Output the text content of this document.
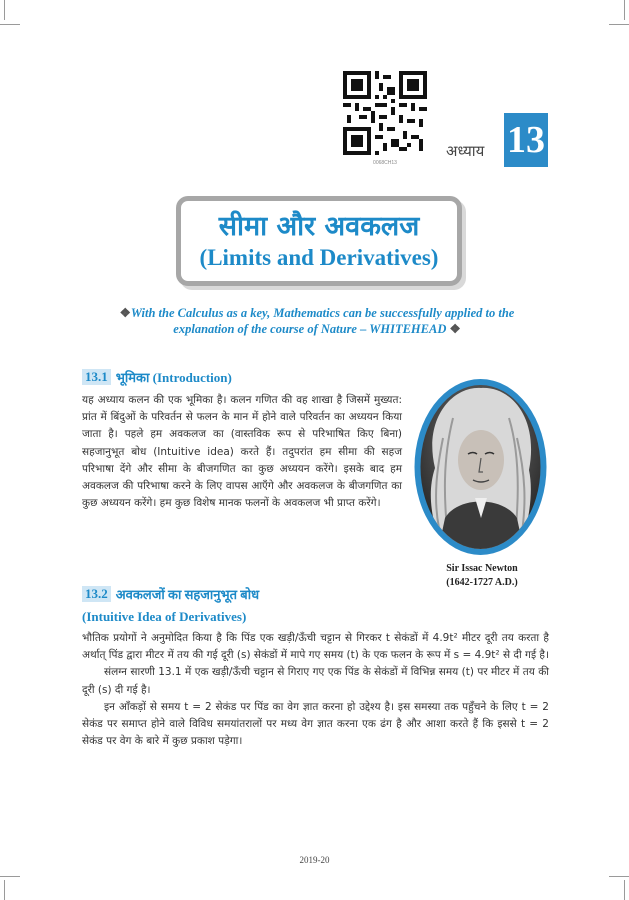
0068CH13
अध्याय 13
सीमा और अवकलज
(Limits and Derivatives)
❖With the Calculus as a key, Mathematics can be successfully applied to the
explanation of the course of Nature – WHITEHEAD ❖
13.1 भूमिका (Introduction)

यह अध्याय कलन की एक भूमिका है। कलन गणित की वह शाखा है जिसमें मुख्यत: प्रांत में बिंदुओं के परिवर्तन से फलन के मान में होने वाले परिवर्तन का अध्ययन किया जाता है। पहले हम अवकलज का (वास्तविक रूप से परिभाषित किए बिना) सहजानुभूत बोध (Intuitive idea) करते हैं। तदुपरांत हम सीमा की सहज परिभाषा देंगे और सीमा के बीजगणित का कुछ अध्ययन करेंगे। इसके बाद हम अवकलज की परिभाषा करने के लिए वापस आएँगे और अवकलज के बीजगणित का कुछ अध्ययन करेंगे। हम कुछ विशेष मानक फलनों के अवकलज भी प्राप्त करेंगे।

Sir Issac Newton
(1642-1727 A.D.)
13.2 अवकलजों का सहजानुभूत बोध
(Intuitive Idea of Derivatives)

भौतिक प्रयोगों ने अनुमोदित किया है कि पिंड एक खड़ी/ऊँची चट्टान से गिरकर t सेकंडों में 4.9t² मीटर दूरी तय करता है अर्थात् पिंड द्वारा मीटर में तय की गई दूरी (s) सेकंडों में मापे गए समय (t) के एक फलन के रूप में s = 4.9t² से दी गई है।

संलग्न सारणी 13.1 में एक खड़ी/ऊँची चट्टान से गिराए गए एक पिंड के सेकंडों में विभिन्न समय (t) पर मीटर में तय की दूरी (s) दी गई है।

इन आँकड़ों से समय t = 2 सेकंड पर पिंड का वेग ज्ञात करना हो उद्देश्य है। इस समस्या तक पहुँचने के लिए t = 2 सेकंड पर समाप्त होने वाले विविध समयांतरालों पर मध्य वेग ज्ञात करना एक ढंग है और आशा करते हैं कि इससे t = 2 सेकंड पर वेग के बारे में कुछ प्रकाश पड़ेगा।

2019-20
